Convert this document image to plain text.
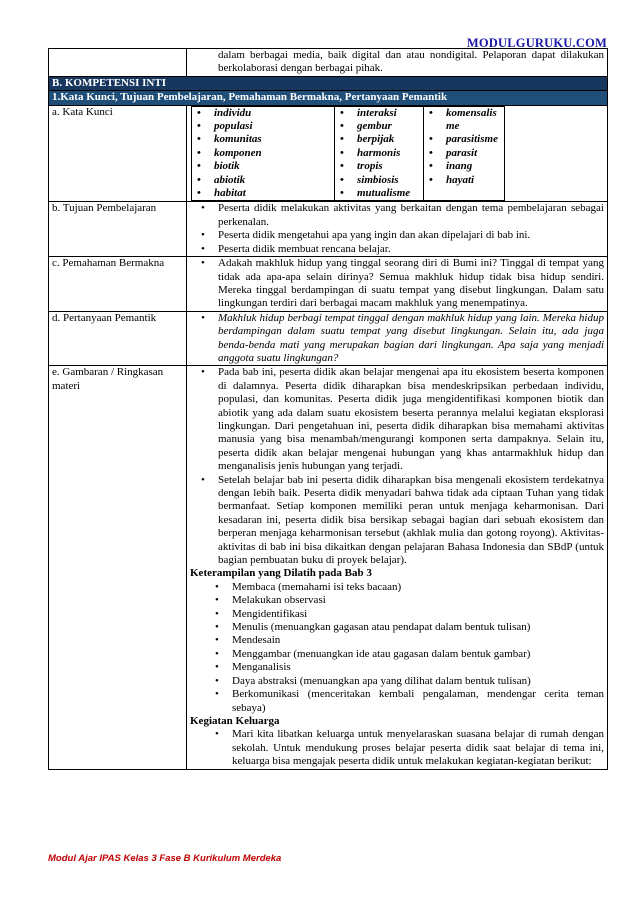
MODULGURUKU.COM

dalam berbagai media, baik digital dan atau nondigital. Pelaporan dapat dilakukan berkolaborasi dengan berbagai pihak.

B. KOMPETENSI INTI
1.Kata Kunci, Tujuan Pembelajaran, Pemahaman Bermakna, Pertanyaan Pemantik
a. Kata Kunci	
•	individu
• populasi
• komunitas
• komponen
• biotik
• abiotik
• habitat

• interaksi
• gembur
• berpijak
• harmonis
• tropis
• simbiosis
• mutualisme

• komensalis me
• parasitisme
• parasit
• inang
• hayati

b. Tujuan Pembelajaran	
•Peserta didik melakukan aktivitas yang berkaitan dengan tema pembelajaran sebagai perkenalan.
• Peserta didik mengetahui apa yang ingin dan akan dipelajari di bab ini.
• Peserta didik membuat rencana belajar.

c. Pemahaman Bermakna	
•Adakah makhluk hidup yang tinggal seorang diri di Bumi ini? Tinggal di tempat yang tidak ada apa-apa selain dirinya? Semua makhluk hidup tidak bisa hidup sendiri. Mereka tinggal berdampingan di suatu tempat yang disebut lingkungan. Dalam satu lingkungan terdiri dari berbagai macam makhluk yang menempatinya.

d. Pertanyaan Pemantik	
•Makhluk hidup berbagi tempat tinggal dengan makhluk hidup yang lain. Mereka hidup berdampingan dalam suatu tempat yang disebut lingkungan. Selain itu, ada juga benda-benda mati yang merupakan bagian dari lingkungan. Apa saja yang menjadi anggota suatu lingkungan?

e. Gambaran / Ringkasan materi	
• Pada bab ini, peserta didik akan belajar mengenai apa itu ekosistem beserta komponen di dalamnya. Peserta didik diharapkan bisa mendeskripsikan perbedaan individu, populasi, dan komunitas. Peserta didik juga mengidentifikasi komponen biotik dan abiotik yang ada dalam suatu ekosistem beserta perannya melalui kegiatan eksplorasi lingkungan. Dari pengetahuan ini, peserta didik diharapkan bisa memahami aktivitas manusia yang bisa menambah/mengurangi komponen serta dampaknya. Selain itu, peserta didik akan belajar mengenai hubungan yang khas antarmakhluk hidup dan menganalisis jenis hubungan yang terjadi.
• Setelah belajar bab ini peserta didik diharapkan bisa mengenali ekosistem terdekatnya dengan lebih baik. Peserta didik menyadari bahwa tidak ada ciptaan Tuhan yang tidak bermanfaat. Setiap komponen memiliki peran untuk menjaga keharmonisan. Dari kesadaran ini, peserta didik bisa bersikap sebagai bagian dari sebuah ekosistem dan berperan menjaga keharmonisan tersebut (akhlak mulia dan gotong royong). Aktivitas-aktivitas di bab ini bisa dikaitkan dengan pelajaran Bahasa Indonesia dan SBdP (untuk bagian pembuatan buku di proyek belajar).
Keterampilan yang Dilatih pada Bab 3
• Membaca (memahami isi teks bacaan)
• Melakukan observasi
• Mengidentifikasi
• Menulis (menuangkan gagasan atau pendapat dalam bentuk tulisan)
• Mendesain
• Menggambar (menuangkan ide atau gagasan dalam bentuk gambar)
• Menganalisis
• Daya abstraksi (menuangkan apa yang dilihat dalam bentuk tulisan)
• Berkomunikasi (menceritakan kembali pengalaman, mendengar cerita teman sebaya)
Kegiatan Keluarga
• Mari kita libatkan keluarga untuk menyelaraskan suasana belajar di rumah dengan sekolah. Untuk mendukung proses belajar peserta didik saat belajar di tema ini, keluarga bisa mengajak peserta didik untuk melakukan kegiatan-kegiatan berikut:
Modul Ajar IPAS Kelas 3 Fase B Kurikulum Merdeka
